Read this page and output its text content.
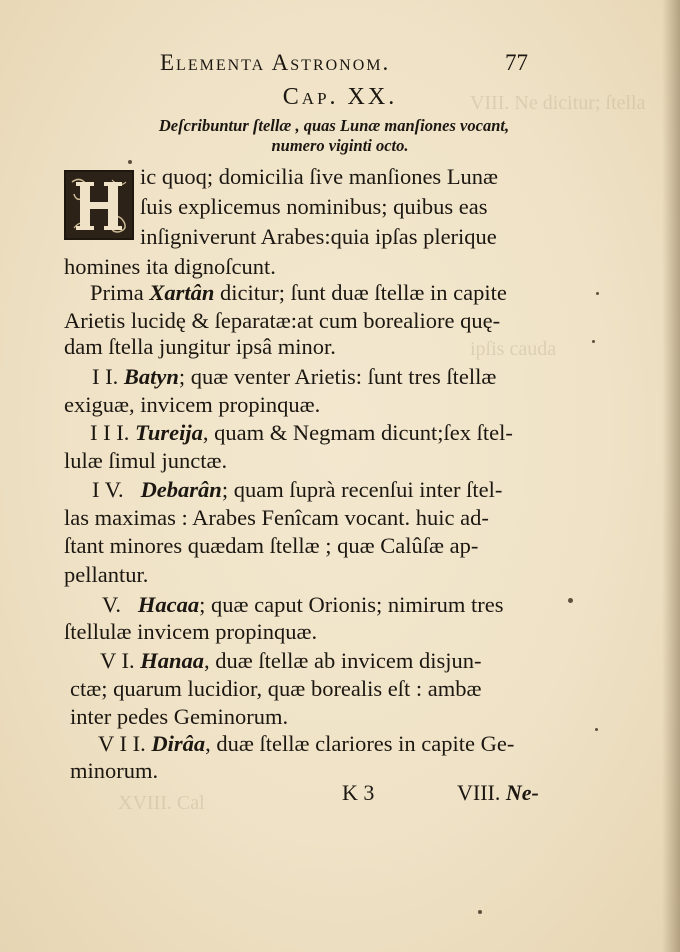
VIII. Ne dicitur; ſtella
ipſis cauda
XVIII. Cal
Elementa Astronom.	77
Cap. XX.
Deſcribuntur ſtellæ , quas Lunæ manſiones vocant,
numero viginti octo.
ic quoq; domicilia ſive manſiones Lunæ
ſuis explicemus nominibus; quibus eas
inſigniverunt Arabes:quia ipſas plerique
homines ita dignoſcunt.
Prima Xartân dicitur; ſunt duæ ſtellæ in capite
Arietis lucidę & ſeparatæ:at cum borealiore quę-
dam ſtella jungitur ipsâ minor.
I I. Batyn; quæ venter Arietis: ſunt tres ſtellæ
exiguæ, invicem propinquæ.
I I I. Tureija, quam & Negmam dicunt;ſex ſtel-
lulæ ſimul junctæ.
I V.   Debarân; quam ſuprà recenſui inter ſtel-
las maximas : Arabes Fenîcam vocant. huic ad-
ſtant minores quædam ſtellæ ; quæ Calûſæ ap-
pellantur.
V.   Hacaa; quæ caput Orionis; nimirum tres
ſtellulæ invicem propinquæ.
V I. Hanaa, duæ ſtellæ ab invicem disjun-
ctæ; quarum lucidior, quæ borealis eſt : ambæ
inter pedes Geminorum.
V I I. Dirâa, duæ ſtellæ clariores in capite Ge-
minorum.
K 3	VIII. Ne-
